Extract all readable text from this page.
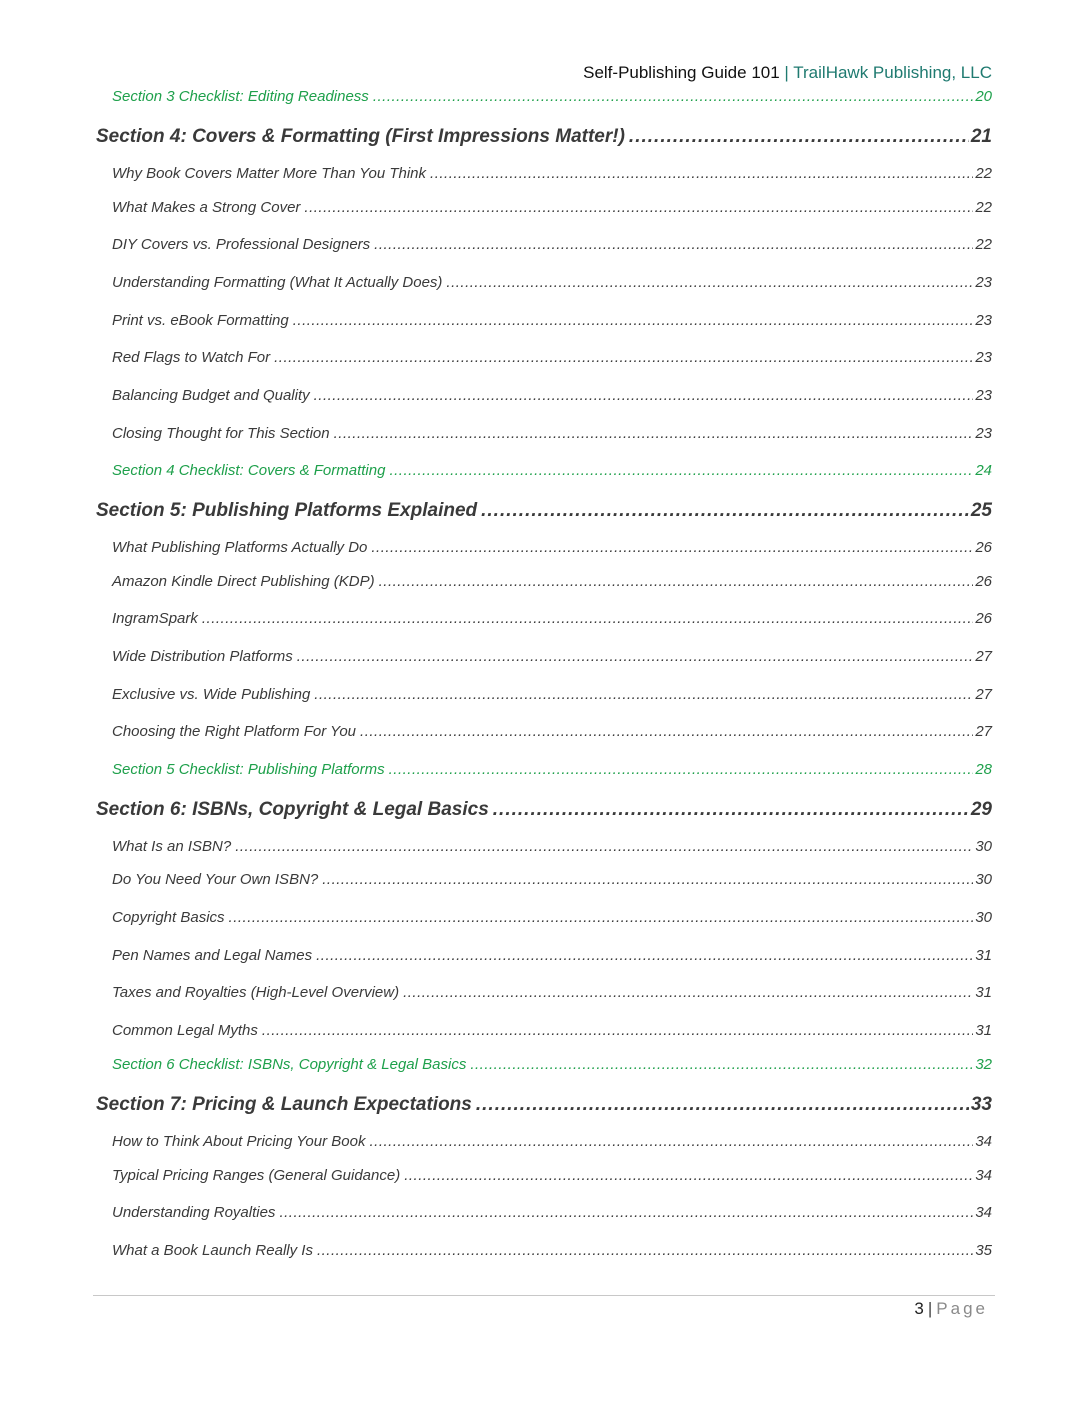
Self-Publishing Guide 101 | TrailHawk Publishing, LLC
Section 3 Checklist: Editing Readiness .....	20
Section 4: Covers & Formatting (First Impressions Matter!) .....	21
Why Book Covers Matter More Than You Think .....	22
What Makes a Strong Cover .....	22
DIY Covers vs. Professional Designers .....	22
Understanding Formatting (What It Actually Does) .....	23
Print vs. eBook Formatting .....	23
Red Flags to Watch For .....	23
Balancing Budget and Quality .....	23
Closing Thought for This Section .....	23
Section 4 Checklist: Covers & Formatting .....	24
Section 5: Publishing Platforms Explained .....	25
What Publishing Platforms Actually Do .....	26
Amazon Kindle Direct Publishing (KDP) .....	26
IngramSpark .....	26
Wide Distribution Platforms .....	27
Exclusive vs. Wide Publishing .....	27
Choosing the Right Platform For You .....	27
Section 5 Checklist: Publishing Platforms .....	28
Section 6: ISBNs, Copyright & Legal Basics .....	29
What Is an ISBN? .....	30
Do You Need Your Own ISBN? .....	30
Copyright Basics .....	30
Pen Names and Legal Names .....	31
Taxes and Royalties (High-Level Overview) .....	31
Common Legal Myths .....	31
Section 6 Checklist: ISBNs, Copyright & Legal Basics .....	32
Section 7: Pricing & Launch Expectations .....	33
How to Think About Pricing Your Book .....	34
Typical Pricing Ranges (General Guidance) .....	34
Understanding Royalties .....	34
What a Book Launch Really Is .....	35
3 | Page
